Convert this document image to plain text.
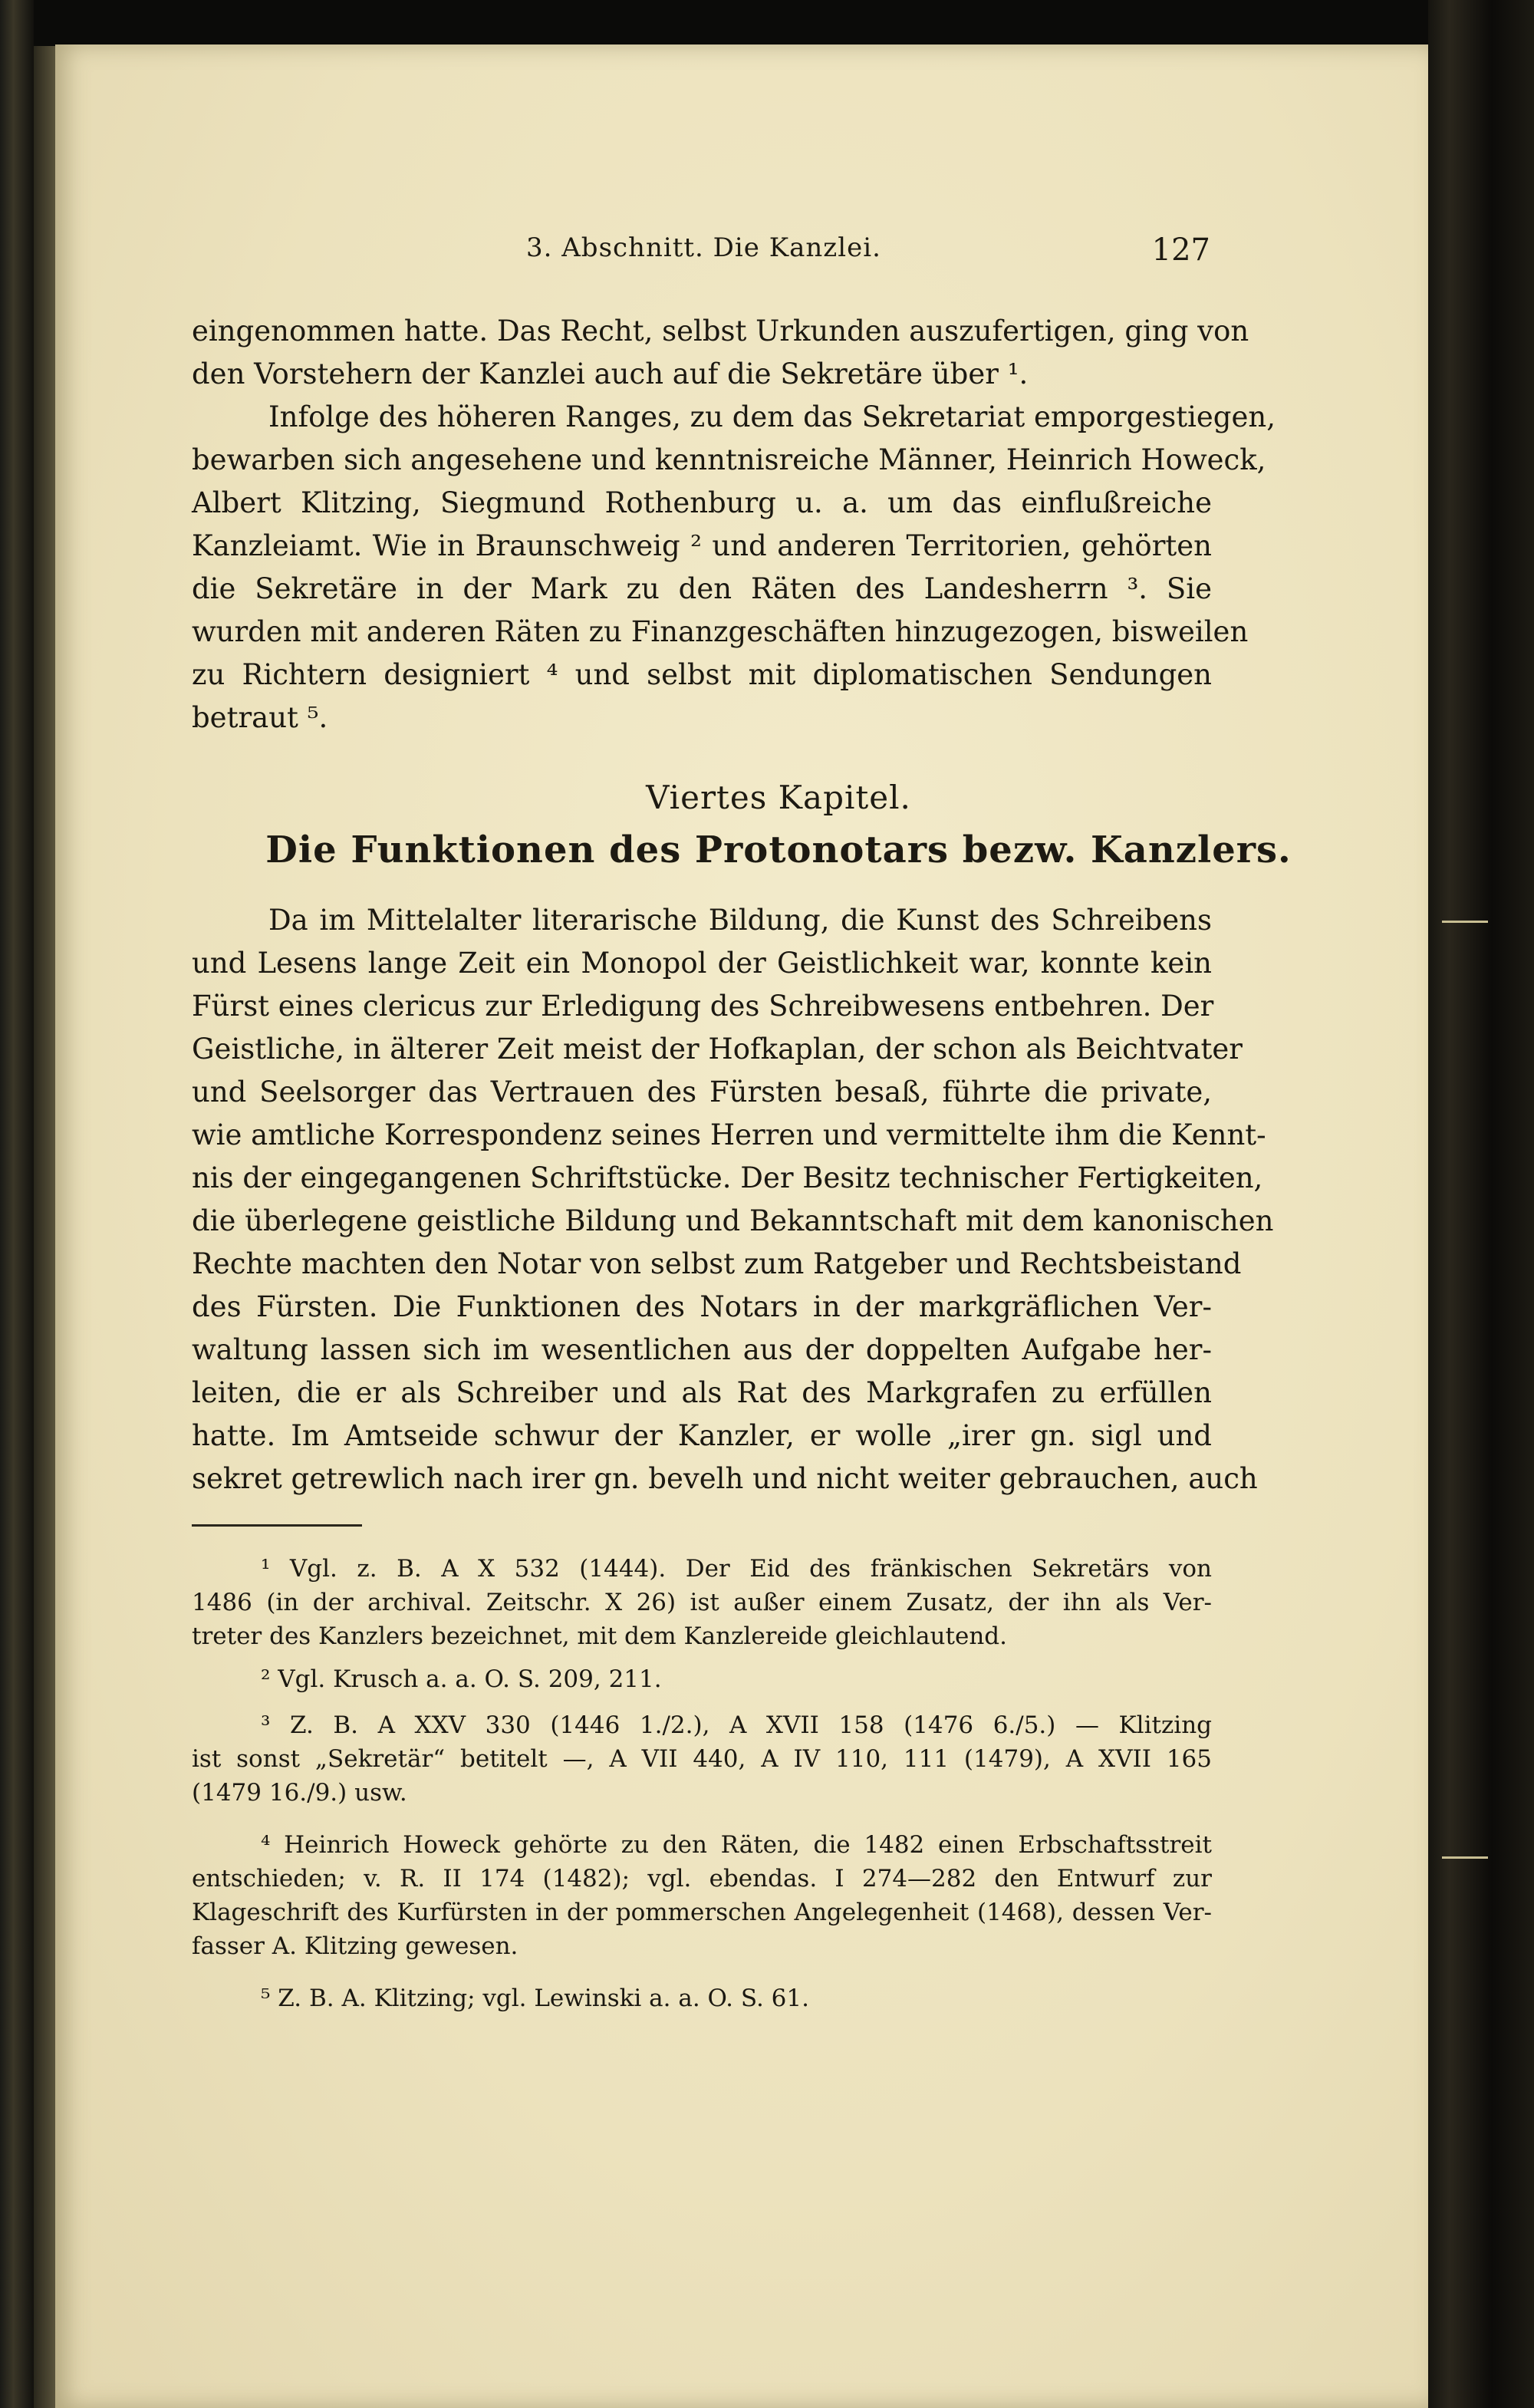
3. Abschnitt. Die Kanzlei.	127
eingenommen hatte. Das Recht, selbst Urkunden auszufertigen, ging von
den Vorstehern der Kanzlei auch auf die Sekretäre über ¹.
Infolge des höheren Ranges, zu dem das Sekretariat emporgestiegen,
bewarben sich angesehene und kenntnisreiche Männer, Heinrich Howeck,
Albert Klitzing, Siegmund Rothenburg u. a. um das einflußreiche
Kanzleiamt. Wie in Braunschweig ² und anderen Territorien, gehörten
die Sekretäre in der Mark zu den Räten des Landesherrn ³. Sie
wurden mit anderen Räten zu Finanzgeschäften hinzugezogen, bisweilen
zu Richtern designiert ⁴ und selbst mit diplomatischen Sendungen
betraut ⁵.
Viertes Kapitel.
Die Funktionen des Protonotars bezw. Kanzlers.
Da im Mittelalter literarische Bildung, die Kunst des Schreibens
und Lesens lange Zeit ein Monopol der Geistlichkeit war, konnte kein
Fürst eines clericus zur Erledigung des Schreibwesens entbehren. Der
Geistliche, in älterer Zeit meist der Hofkaplan, der schon als Beichtvater
und Seelsorger das Vertrauen des Fürsten besaß, führte die private,
wie amtliche Korrespondenz seines Herren und vermittelte ihm die Kennt-
nis der eingegangenen Schriftstücke. Der Besitz technischer Fertigkeiten,
die überlegene geistliche Bildung und Bekanntschaft mit dem kanonischen
Rechte machten den Notar von selbst zum Ratgeber und Rechtsbeistand
des Fürsten. Die Funktionen des Notars in der markgräflichen Ver-
waltung lassen sich im wesentlichen aus der doppelten Aufgabe her-
leiten, die er als Schreiber und als Rat des Markgrafen zu erfüllen
hatte. Im Amtseide schwur der Kanzler, er wolle „irer gn. sigl und
sekret getrewlich nach irer gn. bevelh und nicht weiter gebrauchen, auch
¹ Vgl. z. B. A X 532 (1444). Der Eid des fränkischen Sekretärs von
1486 (in der archival. Zeitschr. X 26) ist außer einem Zusatz, der ihn als Ver-
treter des Kanzlers bezeichnet, mit dem Kanzlereide gleichlautend.
² Vgl. Krusch a. a. O. S. 209, 211.
³ Z. B. A XXV 330 (1446 1./2.), A XVII 158 (1476 6./5.) — Klitzing
ist sonst „Sekretär“ betitelt —, A VII 440, A IV 110, 111 (1479), A XVII 165
(1479 16./9.) usw.
⁴ Heinrich Howeck gehörte zu den Räten, die 1482 einen Erbschaftsstreit
entschieden; v. R. II 174 (1482); vgl. ebendas. I 274—282 den Entwurf zur
Klageschrift des Kurfürsten in der pommerschen Angelegenheit (1468), dessen Ver-
fasser A. Klitzing gewesen.
⁵ Z. B. A. Klitzing; vgl. Lewinski a. a. O. S. 61.
